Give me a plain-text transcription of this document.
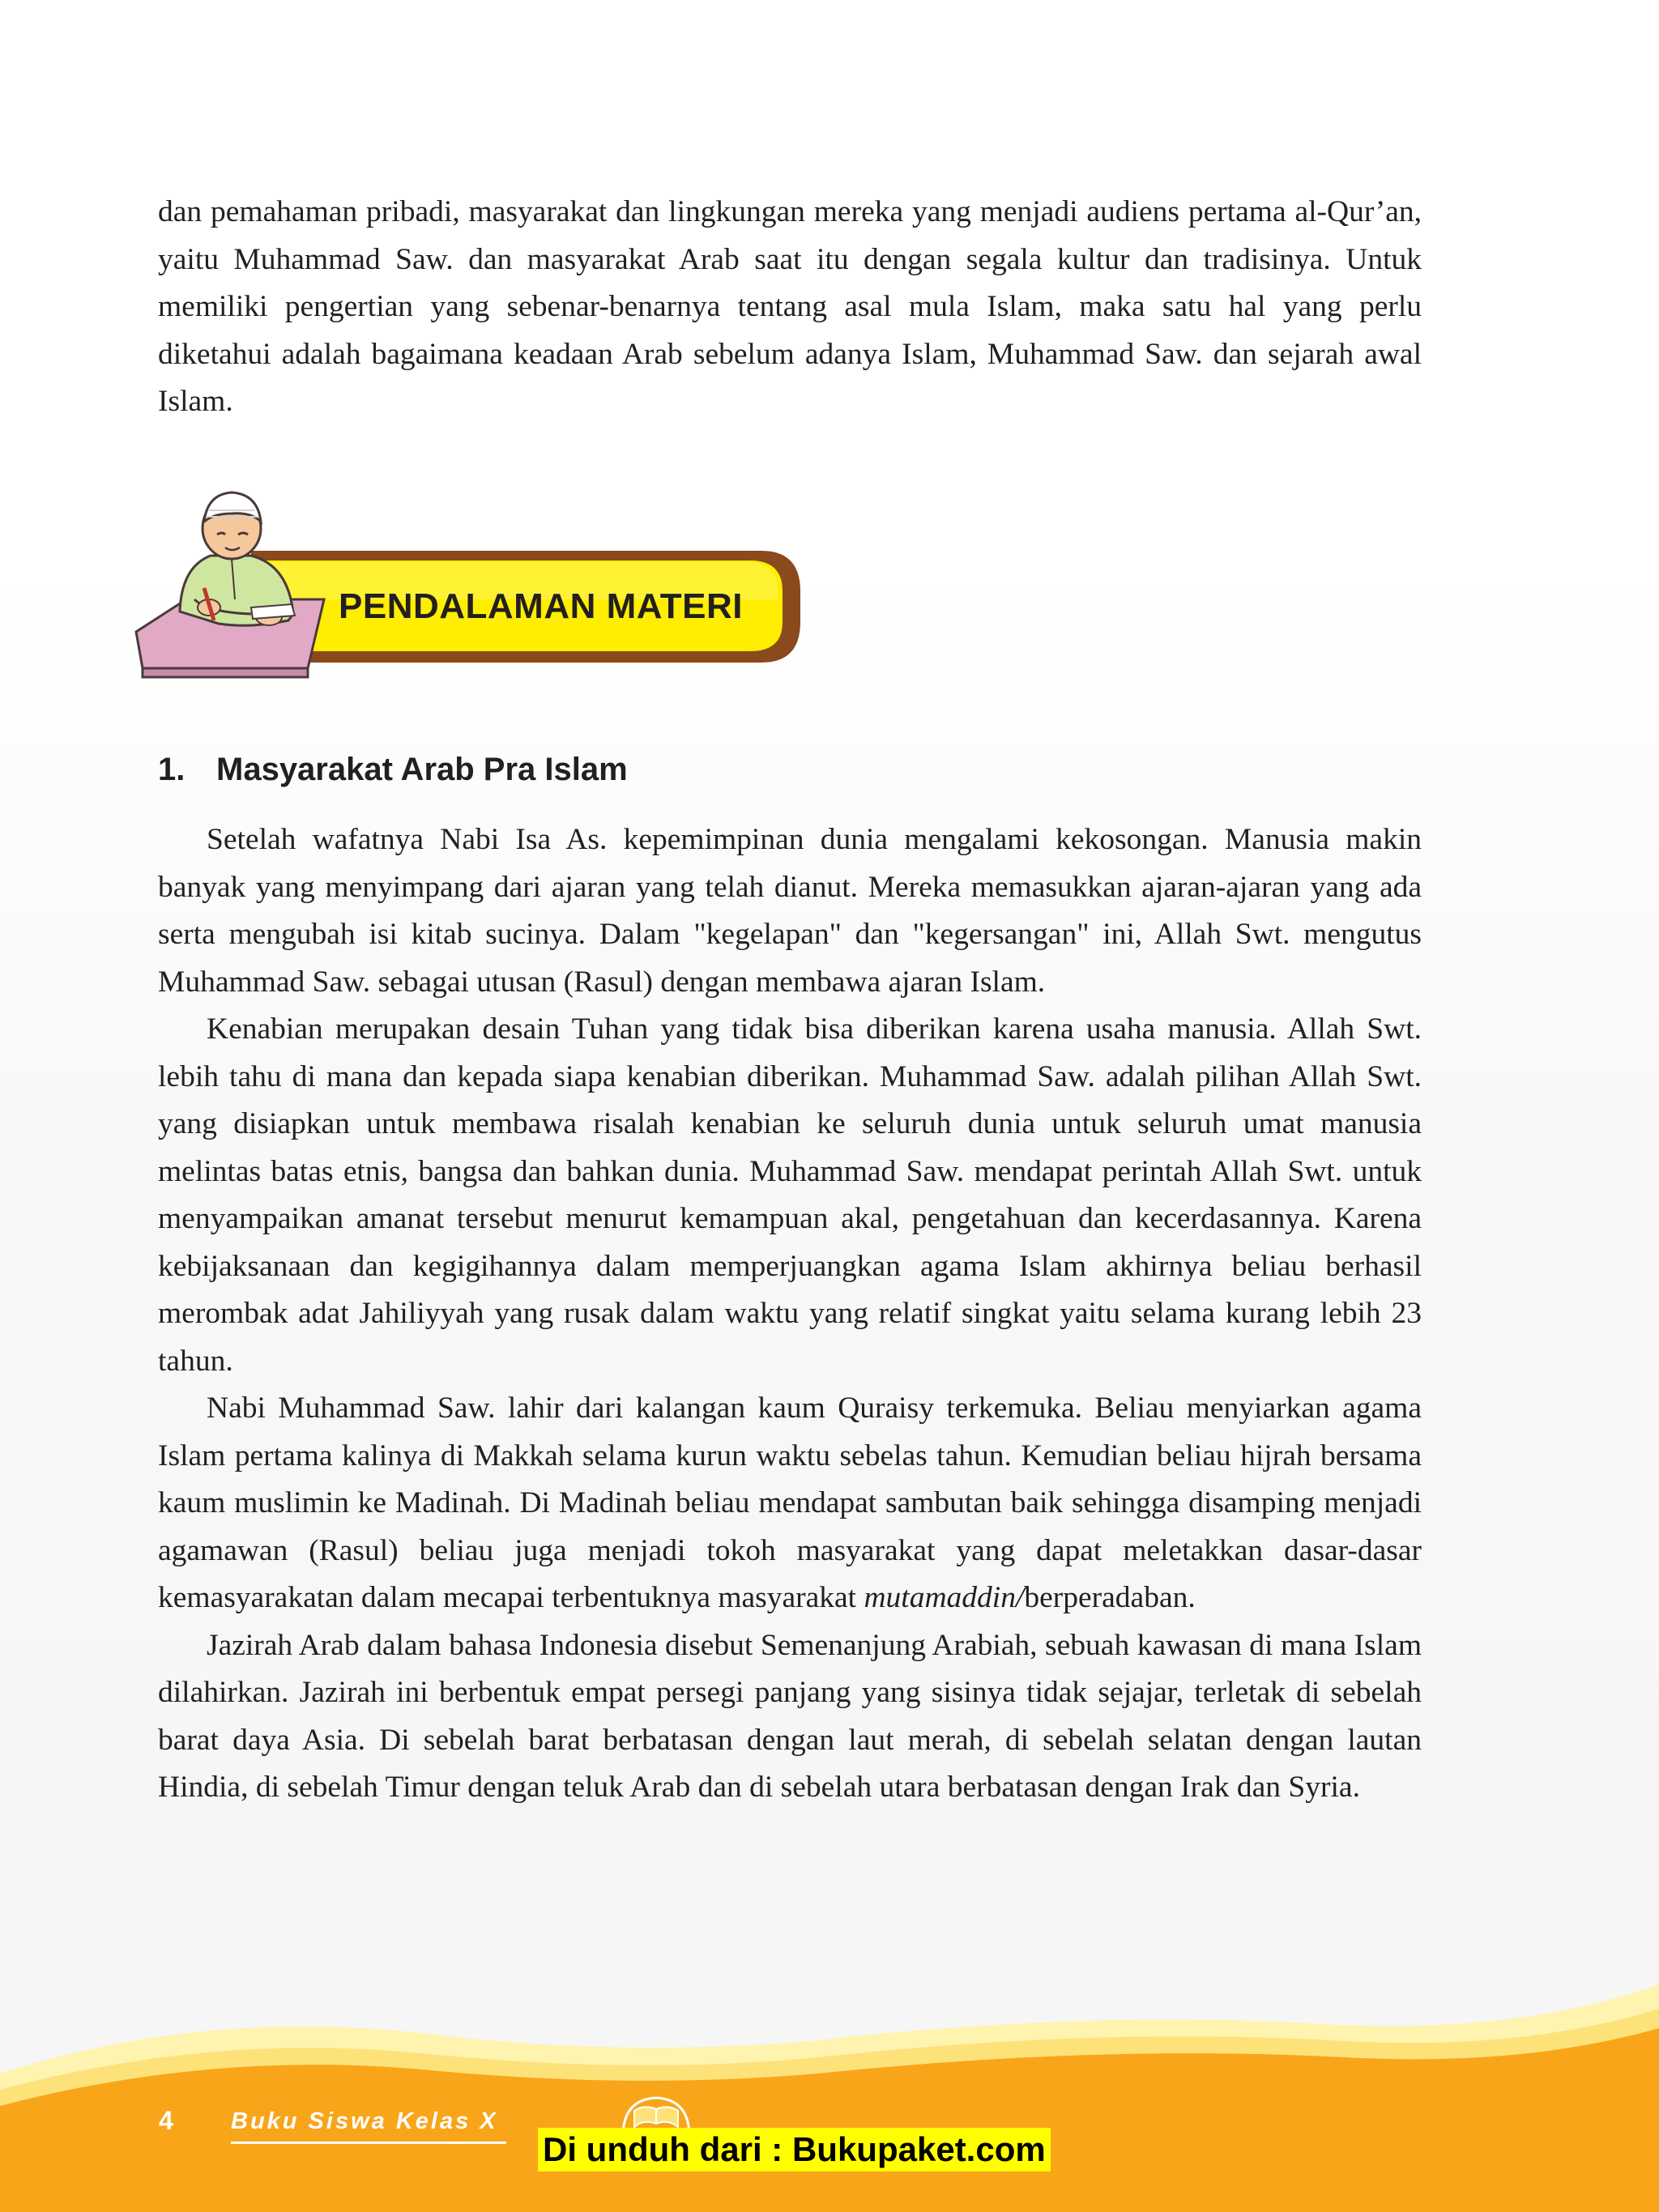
dan pemahaman pribadi, masyarakat dan lingkungan mereka yang menjadi audiens pertama al-Qur’an, yaitu Muhammad Saw. dan masyarakat Arab saat itu dengan segala kultur dan tradisinya. Untuk memiliki pengertian yang sebenar-benarnya tentang asal mula Islam, maka satu hal yang perlu diketahui adalah bagaimana keadaan Arab sebelum adanya Islam, Muhammad Saw. dan sejarah awal Islam.

PENDALAMAN MATERI
1. Masyarakat Arab Pra Islam

Setelah wafatnya Nabi Isa As. kepemimpinan dunia mengalami kekosongan. Manusia makin banyak yang menyimpang dari ajaran yang telah dianut. Mereka memasukkan ajaran-ajaran yang ada serta mengubah isi kitab sucinya. Dalam "kegelapan" dan "kegersangan" ini, Allah Swt. mengutus Muhammad Saw. sebagai utusan (Rasul) dengan membawa ajaran Islam.

Kenabian merupakan desain Tuhan yang tidak bisa diberikan karena usaha manusia. Allah Swt. lebih tahu di mana dan kepada siapa kenabian diberikan. Muhammad Saw. adalah pilihan Allah Swt. yang disiapkan untuk membawa risalah kenabian ke seluruh dunia untuk seluruh umat manusia melintas batas etnis, bangsa dan bahkan dunia. Muhammad Saw. mendapat perintah Allah Swt. untuk menyampaikan amanat tersebut menurut kemampuan akal, pengetahuan dan kecerdasannya. Karena kebijaksanaan dan kegigihannya dalam memperjuangkan agama Islam akhirnya beliau berhasil merombak adat Jahiliyyah yang rusak dalam waktu yang relatif singkat yaitu selama kurang lebih 23 tahun.

Nabi Muhammad Saw. lahir dari kalangan kaum Quraisy terkemuka. Beliau menyiarkan agama Islam pertama kalinya di Makkah selama kurun waktu sebelas tahun. Kemudian beliau hijrah bersama kaum muslimin ke Madinah. Di Madinah beliau mendapat sambutan baik sehingga disamping menjadi agamawan (Rasul) beliau juga menjadi tokoh masyarakat yang dapat meletakkan dasar-dasar kemasyarakatan dalam mecapai terbentuknya masyarakat mutamaddin/berperadaban.

Jazirah Arab dalam bahasa Indonesia disebut Semenanjung Arabiah, sebuah kawasan di mana Islam dilahirkan. Jazirah ini berbentuk empat persegi panjang yang sisinya tidak sejajar, terletak di sebelah barat daya Asia. Di sebelah barat berbatasan dengan laut merah, di sebelah selatan dengan lautan Hindia, di sebelah Timur dengan teluk Arab dan di sebelah utara berbatasan dengan Irak dan Syria.

4 Buku Siswa Kelas X
Di unduh dari : Bukupaket.com
